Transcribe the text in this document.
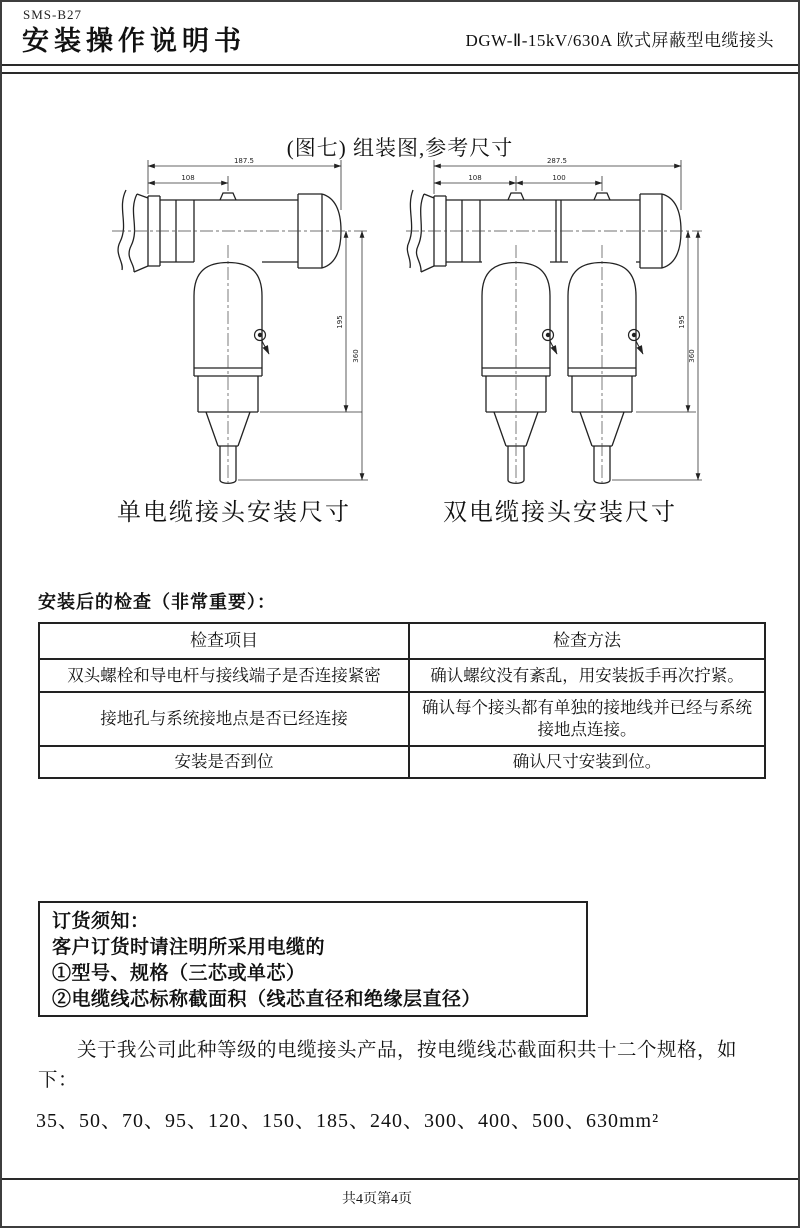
SMS-B27
安装操作说明书	DGW-Ⅱ-15kV/630A 欧式屏蔽型电缆接头
(图七) 组装图,参考尺寸
187.5
108
195
360
287.5
108	100
195
360
单电缆接头安装尺寸	双电缆接头安装尺寸
安装后的检查（非常重要）：
检查项目	检查方法
双头螺栓和导电杆与接线端子是否连接紧密	确认螺纹没有紊乱，用安装扳手再次拧紧。
接地孔与系统接地点是否已经连接	确认每个接头都有单独的接地线并已经与系统接地点连接。
安装是否到位	确认尺寸安装到位。
订货须知：
客户订货时请注明所采用电缆的
①型号、规格（三芯或单芯）
②电缆线芯标称截面积（线芯直径和绝缘层直径）
关于我公司此种等级的电缆接头产品，按电缆线芯截面积共十二个规格，如下：
35、50、70、95、120、150、185、240、300、400、500、630mm²
共4页第4页
